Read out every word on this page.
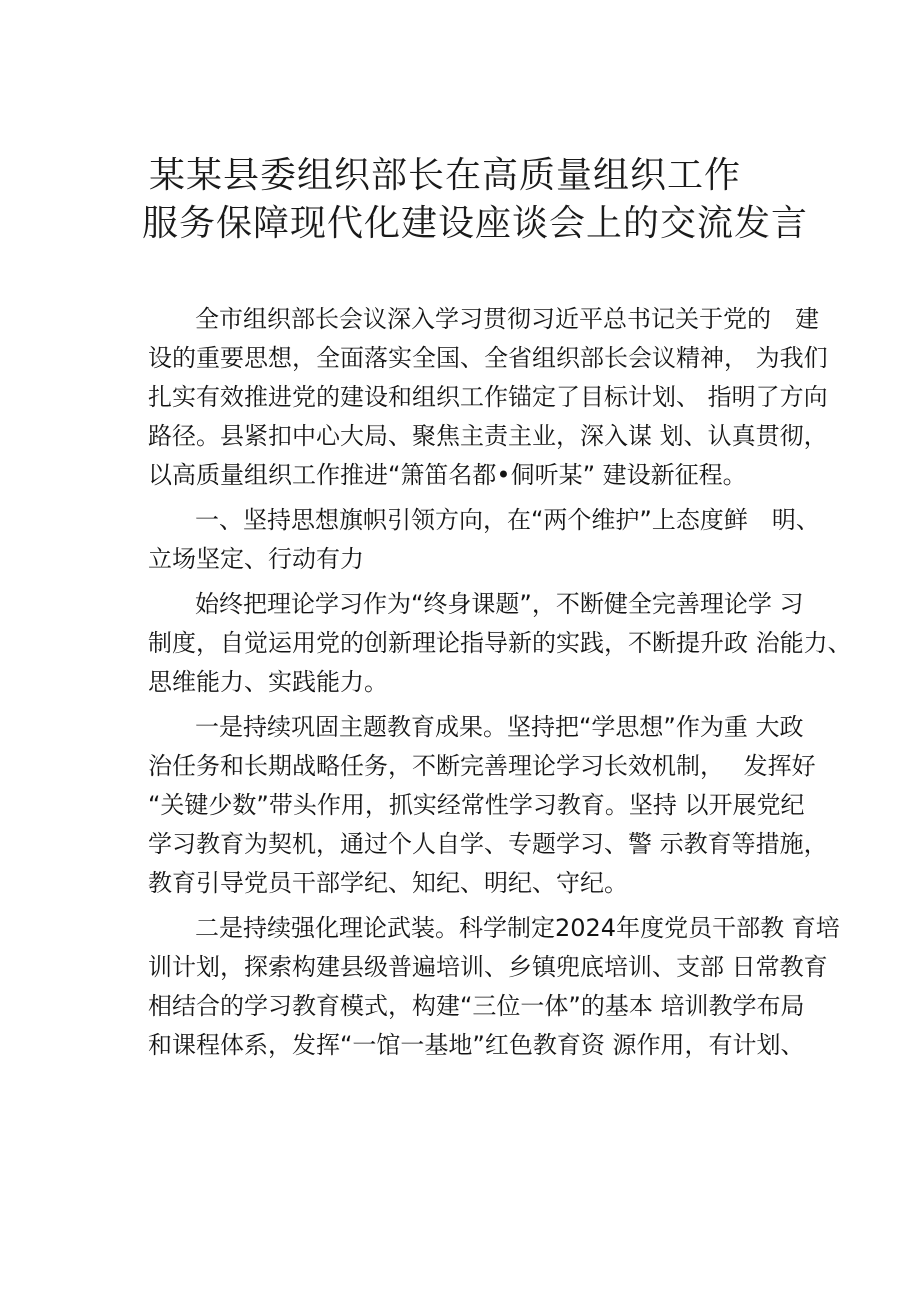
某某县委组织部长在高质量组织工作
服务保障现代化建设座谈会上的交流发言
全市组织部长会议深入学习贯彻习近平总书记关于党的　建
设的重要思想，全面落实全国、全省组织部长会议精神， 为我们
扎实有效推进党的建设和组织工作锚定了目标计划、 指明了方向
路径。县紧扣中心大局、聚焦主责主业，深入谋 划、认真贯彻，
以高质量组织工作推进“箫笛名都•侗听某” 建设新征程。
一、坚持思想旗帜引领方向，在“两个维护”上态度鲜　明、
立场坚定、行动有力
始终把理论学习作为“终身课题”，不断健全完善理论学 习
制度，自觉运用党的创新理论指导新的实践，不断提升政 治能力、
思维能力、实践能力。
一是持续巩固主题教育成果。坚持把“学思想”作为重 大政
治任务和长期战略任务，不断完善理论学习长效机制，　 发挥好
“关键少数”带头作用，抓实经常性学习教育。坚持 以开展党纪
学习教育为契机，通过个人自学、专题学习、警 示教育等措施，
教育引导党员干部学纪、知纪、明纪、守纪。
二是持续强化理论武装。科学制定2024年度党员干部教 育培
训计划，探索构建县级普遍培训、乡镇兜底培训、支部 日常教育
相结合的学习教育模式，构建“三位一体”的基本 培训教学布局
和课程体系，发挥“一馆一基地”红色教育资 源作用，有计划、
